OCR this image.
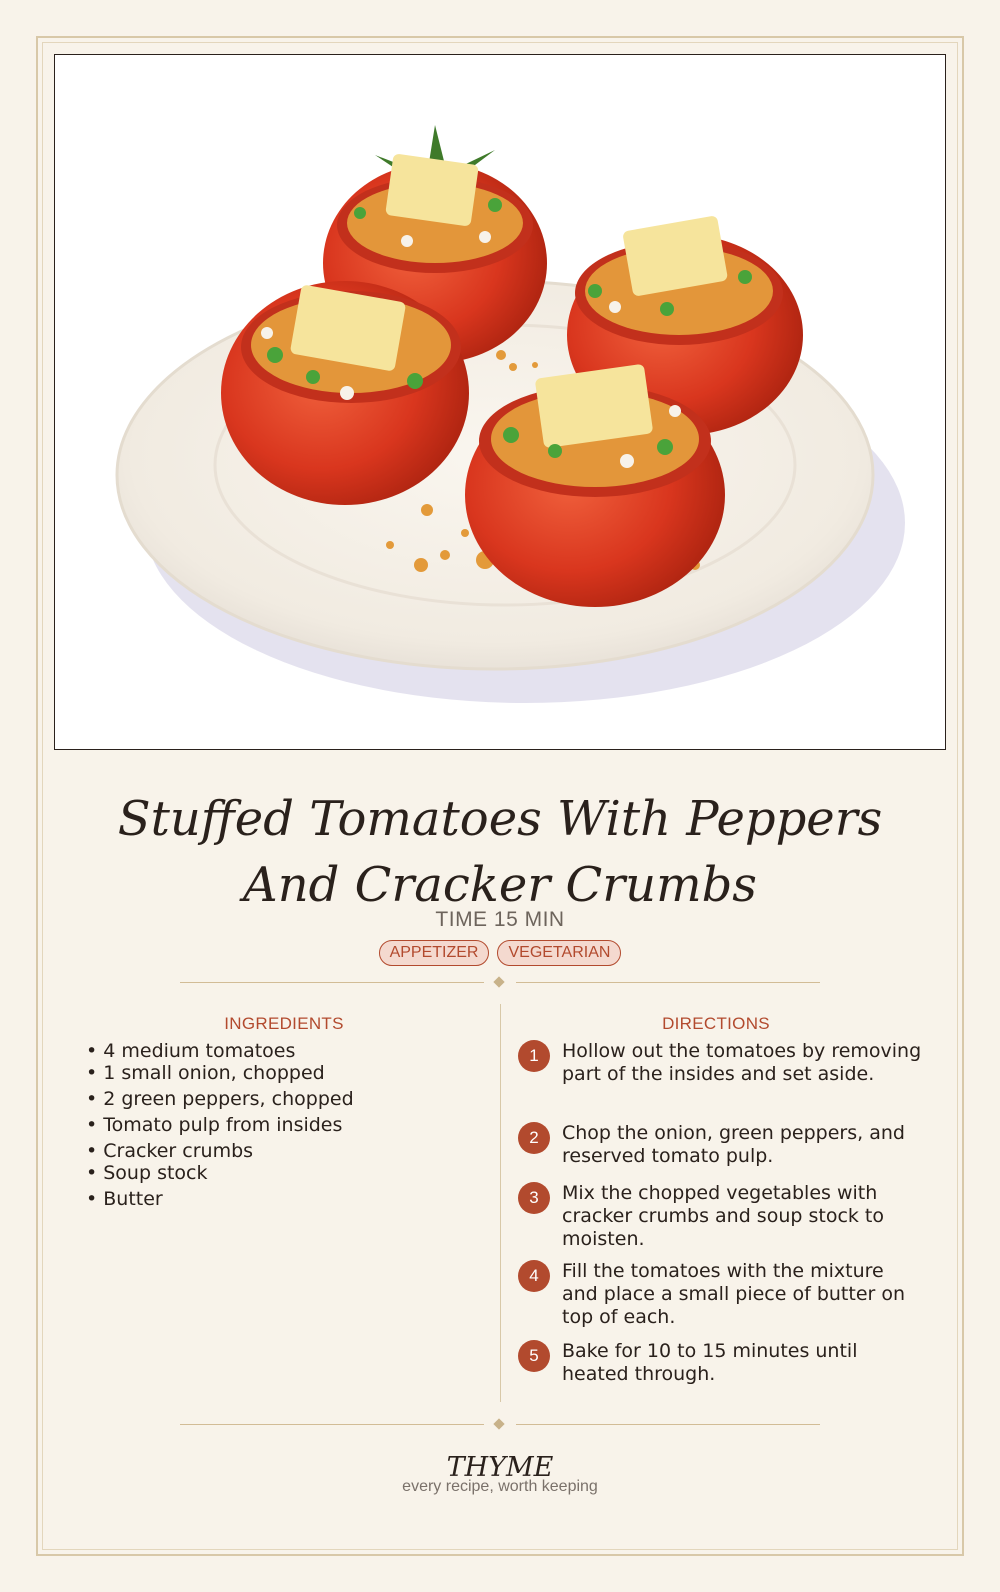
Stuffed Tomatoes With Peppers And Cracker Crumbs
TIME 15 MIN
APPETIZER	VEGETARIAN
INGREDIENTS	DIRECTIONS
• 4 medium tomatoes
• 1 small onion, chopped
• 2 green peppers, chopped
• Tomato pulp from insides
• Cracker crumbs
• Soup stock
• Butter
1	Hollow out the tomatoes by removing part of the insides and set aside.
2	Chop the onion, green peppers, and reserved tomato pulp.
3	Mix the chopped vegetables with cracker crumbs and soup stock to moisten.
4	Fill the tomatoes with the mixture and place a small piece of butter on top of each.
5	Bake for 10 to 15 minutes until heated through.
THYME
every recipe, worth keeping
